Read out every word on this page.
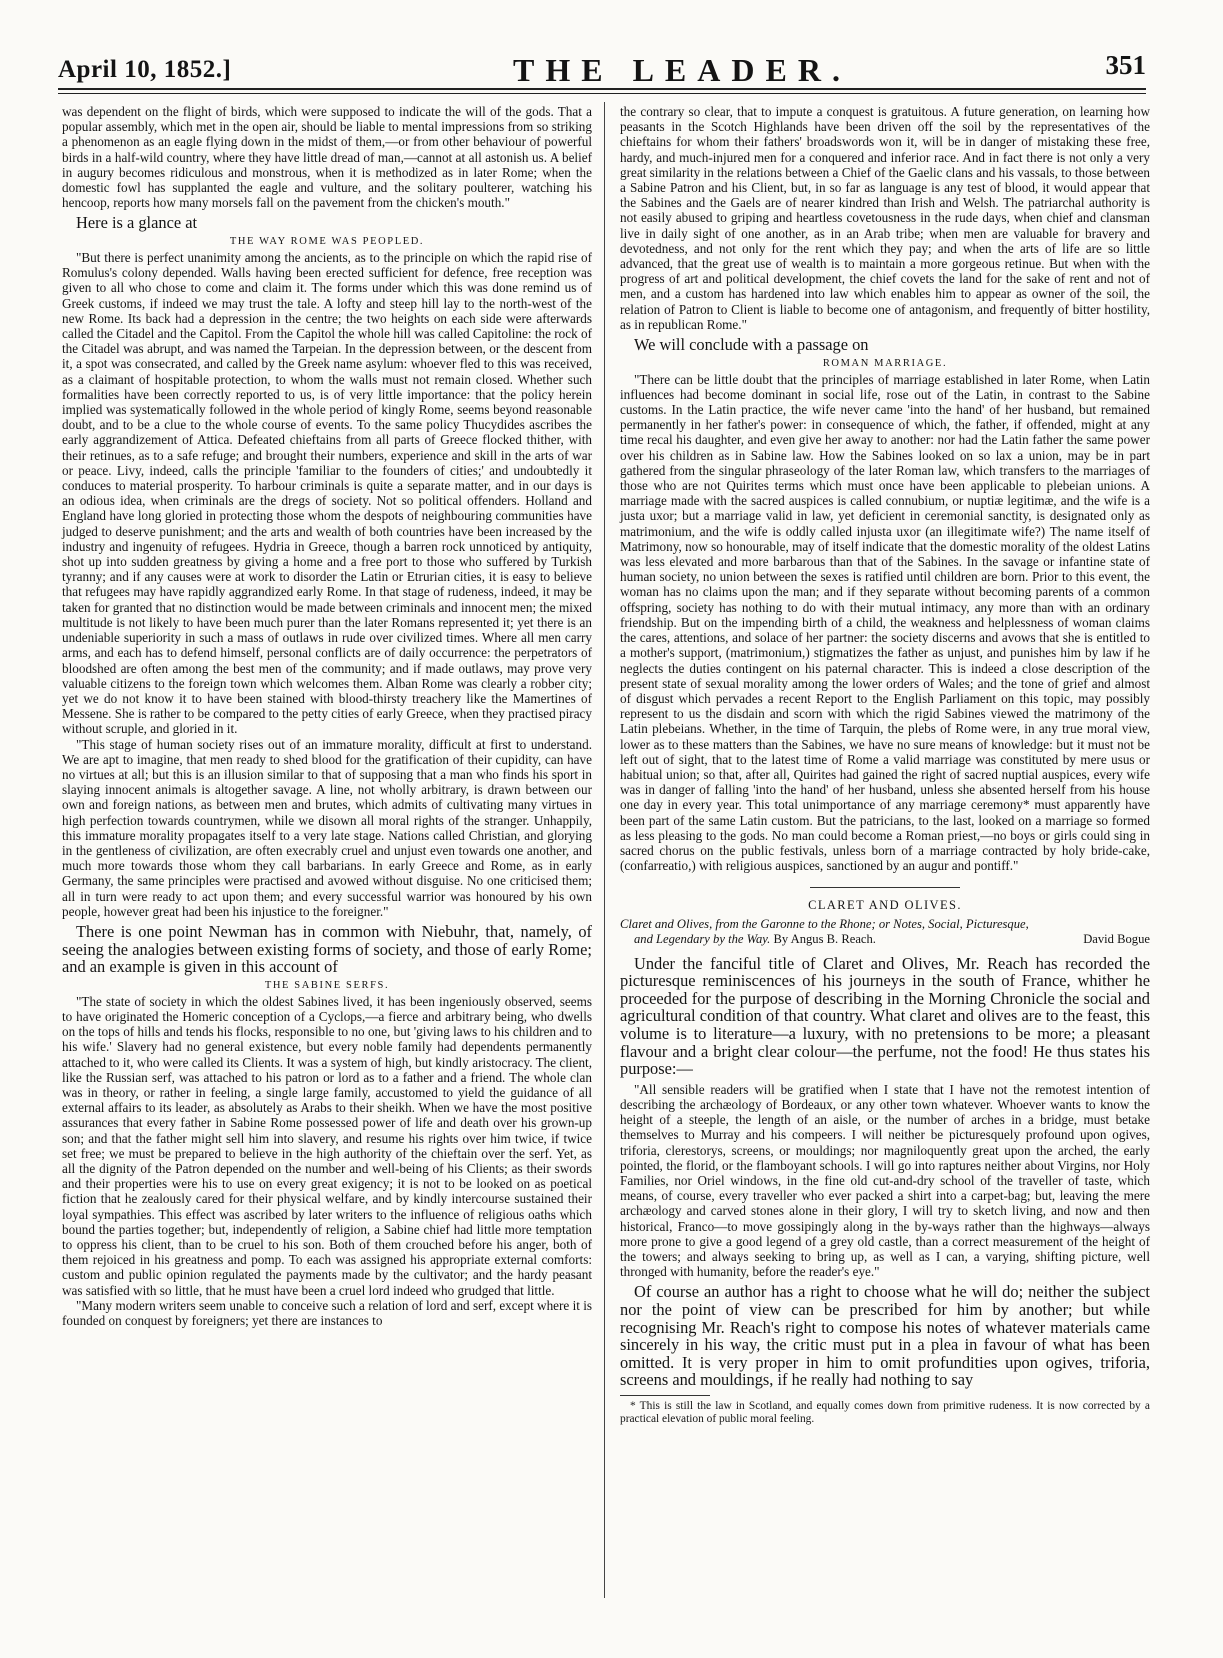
April 10, 1852.]	THE LEADER.	351

was dependent on the flight of birds, which were supposed to indicate the will of the gods. That a popular assembly, which met in the open air, should be liable to mental impressions from so striking a phenomenon as an eagle flying down in the midst of them,—or from other behaviour of powerful birds in a half-wild country, where they have little dread of man,—cannot at all astonish us. A belief in augury becomes ridiculous and monstrous, when it is methodized as in later Rome; when the domestic fowl has supplanted the eagle and vulture, and the solitary poulterer, watching his hencoop, reports how many morsels fall on the pavement from the chicken's mouth."

Here is a glance at

THE WAY ROME WAS PEOPLED.

"But there is perfect unanimity among the ancients, as to the principle on which the rapid rise of Romulus's colony depended. Walls having been erected sufficient for defence, free reception was given to all who chose to come and claim it. The forms under which this was done remind us of Greek customs, if indeed we may trust the tale. A lofty and steep hill lay to the north-west of the new Rome. Its back had a depression in the centre; the two heights on each side were afterwards called the Citadel and the Capitol. From the Capitol the whole hill was called Capitoline: the rock of the Citadel was abrupt, and was named the Tarpeian. In the depression between, or the descent from it, a spot was consecrated, and called by the Greek name asylum: whoever fled to this was received, as a claimant of hospitable protection, to whom the walls must not remain closed. Whether such formalities have been correctly reported to us, is of very little importance: that the policy herein implied was systematically followed in the whole period of kingly Rome, seems beyond reasonable doubt, and to be a clue to the whole course of events. To the same policy Thucydides ascribes the early aggrandizement of Attica. Defeated chieftains from all parts of Greece flocked thither, with their retinues, as to a safe refuge; and brought their numbers, experience and skill in the arts of war or peace. Livy, indeed, calls the principle 'familiar to the founders of cities;' and undoubtedly it conduces to material prosperity. To harbour criminals is quite a separate matter, and in our days is an odious idea, when criminals are the dregs of society. Not so political offenders. Holland and England have long gloried in protecting those whom the despots of neighbouring communities have judged to deserve punishment; and the arts and wealth of both countries have been increased by the industry and ingenuity of refugees. Hydria in Greece, though a barren rock unnoticed by antiquity, shot up into sudden greatness by giving a home and a free port to those who suffered by Turkish tyranny; and if any causes were at work to disorder the Latin or Etrurian cities, it is easy to believe that refugees may have rapidly aggrandized early Rome. In that stage of rudeness, indeed, it may be taken for granted that no distinction would be made between criminals and innocent men; the mixed multitude is not likely to have been much purer than the later Romans represented it; yet there is an undeniable superiority in such a mass of outlaws in rude over civilized times. Where all men carry arms, and each has to defend himself, personal conflicts are of daily occurrence: the perpetrators of bloodshed are often among the best men of the community; and if made outlaws, may prove very valuable citizens to the foreign town which welcomes them. Alban Rome was clearly a robber city; yet we do not know it to have been stained with blood-thirsty treachery like the Mamertines of Messene. She is rather to be compared to the petty cities of early Greece, when they practised piracy without scruple, and gloried in it.

"This stage of human society rises out of an immature morality, difficult at first to understand. We are apt to imagine, that men ready to shed blood for the gratification of their cupidity, can have no virtues at all; but this is an illusion similar to that of supposing that a man who finds his sport in slaying innocent animals is altogether savage. A line, not wholly arbitrary, is drawn between our own and foreign nations, as between men and brutes, which admits of cultivating many virtues in high perfection towards countrymen, while we disown all moral rights of the stranger. Unhappily, this immature morality propagates itself to a very late stage. Nations called Christian, and glorying in the gentleness of civilization, are often execrably cruel and unjust even towards one another, and much more towards those whom they call barbarians. In early Greece and Rome, as in early Germany, the same principles were practised and avowed without disguise. No one criticised them; all in turn were ready to act upon them; and every successful warrior was honoured by his own people, however great had been his injustice to the foreigner."

There is one point Newman has in common with Niebuhr, that, namely, of seeing the analogies between existing forms of society, and those of early Rome; and an example is given in this account of

THE SABINE SERFS.

"The state of society in which the oldest Sabines lived, it has been ingeniously observed, seems to have originated the Homeric conception of a Cyclops,—a fierce and arbitrary being, who dwells on the tops of hills and tends his flocks, responsible to no one, but 'giving laws to his children and to his wife.' Slavery had no general existence, but every noble family had dependents permanently attached to it, who were called its Clients. It was a system of high, but kindly aristocracy. The client, like the Russian serf, was attached to his patron or lord as to a father and a friend. The whole clan was in theory, or rather in feeling, a single large family, accustomed to yield the guidance of all external affairs to its leader, as absolutely as Arabs to their sheikh. When we have the most positive assurances that every father in Sabine Rome possessed power of life and death over his grown-up son; and that the father might sell him into slavery, and resume his rights over him twice, if twice set free; we must be prepared to believe in the high authority of the chieftain over the serf. Yet, as all the dignity of the Patron depended on the number and well-being of his Clients; as their swords and their properties were his to use on every great exigency; it is not to be looked on as poetical fiction that he zealously cared for their physical welfare, and by kindly intercourse sustained their loyal sympathies. This effect was ascribed by later writers to the influence of religious oaths which bound the parties together; but, independently of religion, a Sabine chief had little more temptation to oppress his client, than to be cruel to his son. Both of them crouched before his anger, both of them rejoiced in his greatness and pomp. To each was assigned his appropriate external comforts: custom and public opinion regulated the payments made by the cultivator; and the hardy peasant was satisfied with so little, that he must have been a cruel lord indeed who grudged that little.

"Many modern writers seem unable to conceive such a relation of lord and serf, except where it is founded on conquest by foreigners; yet there are instances to

the contrary so clear, that to impute a conquest is gratuitous. A future generation, on learning how peasants in the Scotch Highlands have been driven off the soil by the representatives of the chieftains for whom their fathers' broadswords won it, will be in danger of mistaking these free, hardy, and much-injured men for a conquered and inferior race. And in fact there is not only a very great similarity in the relations between a Chief of the Gaelic clans and his vassals, to those between a Sabine Patron and his Client, but, in so far as language is any test of blood, it would appear that the Sabines and the Gaels are of nearer kindred than Irish and Welsh. The patriarchal authority is not easily abused to griping and heartless covetousness in the rude days, when chief and clansman live in daily sight of one another, as in an Arab tribe; when men are valuable for bravery and devotedness, and not only for the rent which they pay; and when the arts of life are so little advanced, that the great use of wealth is to maintain a more gorgeous retinue. But when with the progress of art and political development, the chief covets the land for the sake of rent and not of men, and a custom has hardened into law which enables him to appear as owner of the soil, the relation of Patron to Client is liable to become one of antagonism, and frequently of bitter hostility, as in republican Rome."

We will conclude with a passage on

ROMAN MARRIAGE.

"There can be little doubt that the principles of marriage established in later Rome, when Latin influences had become dominant in social life, rose out of the Latin, in contrast to the Sabine customs. In the Latin practice, the wife never came 'into the hand' of her husband, but remained permanently in her father's power: in consequence of which, the father, if offended, might at any time recal his daughter, and even give her away to another: nor had the Latin father the same power over his children as in Sabine law. How the Sabines looked on so lax a union, may be in part gathered from the singular phraseology of the later Roman law, which transfers to the marriages of those who are not Quirites terms which must once have been applicable to plebeian unions. A marriage made with the sacred auspices is called connubium, or nuptiæ legitimæ, and the wife is a justa uxor; but a marriage valid in law, yet deficient in ceremonial sanctity, is designated only as matrimonium, and the wife is oddly called injusta uxor (an illegitimate wife?) The name itself of Matrimony, now so honourable, may of itself indicate that the domestic morality of the oldest Latins was less elevated and more barbarous than that of the Sabines. In the savage or infantine state of human society, no union between the sexes is ratified until children are born. Prior to this event, the woman has no claims upon the man; and if they separate without becoming parents of a common offspring, society has nothing to do with their mutual intimacy, any more than with an ordinary friendship. But on the impending birth of a child, the weakness and helplessness of woman claims the cares, attentions, and solace of her partner: the society discerns and avows that she is entitled to a mother's support, (matrimonium,) stigmatizes the father as unjust, and punishes him by law if he neglects the duties contingent on his paternal character. This is indeed a close description of the present state of sexual morality among the lower orders of Wales; and the tone of grief and almost of disgust which pervades a recent Report to the English Parliament on this topic, may possibly represent to us the disdain and scorn with which the rigid Sabines viewed the matrimony of the Latin plebeians. Whether, in the time of Tarquin, the plebs of Rome were, in any true moral view, lower as to these matters than the Sabines, we have no sure means of knowledge: but it must not be left out of sight, that to the latest time of Rome a valid marriage was constituted by mere usus or habitual union; so that, after all, Quirites had gained the right of sacred nuptial auspices, every wife was in danger of falling 'into the hand' of her husband, unless she absented herself from his house one day in every year. This total unimportance of any marriage ceremony* must apparently have been part of the same Latin custom. But the patricians, to the last, looked on a marriage so formed as less pleasing to the gods. No man could become a Roman priest,—no boys or girls could sing in sacred chorus on the public festivals, unless born of a marriage contracted by holy bride-cake, (confarreatio,) with religious auspices, sanctioned by an augur and pontiff."

CLARET AND OLIVES.
Claret and Olives, from the Garonne to the Rhone; or Notes, Social, Picturesque,
and Legendary by the Way. By Angus B. Reach.	David Bogue

Under the fanciful title of Claret and Olives, Mr. Reach has recorded the picturesque reminiscences of his journeys in the south of France, whither he proceeded for the purpose of describing in the Morning Chronicle the social and agricultural condition of that country. What claret and olives are to the feast, this volume is to literature—a luxury, with no pretensions to be more; a pleasant flavour and a bright clear colour—the perfume, not the food! He thus states his purpose:—

"All sensible readers will be gratified when I state that I have not the remotest intention of describing the archæology of Bordeaux, or any other town whatever. Whoever wants to know the height of a steeple, the length of an aisle, or the number of arches in a bridge, must betake themselves to Murray and his compeers. I will neither be picturesquely profound upon ogives, triforia, clerestorys, screens, or mouldings; nor magniloquently great upon the arched, the early pointed, the florid, or the flamboyant schools. I will go into raptures neither about Virgins, nor Holy Families, nor Oriel windows, in the fine old cut-and-dry school of the traveller of taste, which means, of course, every traveller who ever packed a shirt into a carpet-bag; but, leaving the mere archæology and carved stones alone in their glory, I will try to sketch living, and now and then historical, Franco—to move gossipingly along in the by-ways rather than the highways—always more prone to give a good legend of a grey old castle, than a correct measurement of the height of the towers; and always seeking to bring up, as well as I can, a varying, shifting picture, well thronged with humanity, before the reader's eye."

Of course an author has a right to choose what he will do; neither the subject nor the point of view can be prescribed for him by another; but while recognising Mr. Reach's right to compose his notes of whatever materials came sincerely in his way, the critic must put in a plea in favour of what has been omitted. It is very proper in him to omit profundities upon ogives, triforia, screens and mouldings, if he really had nothing to say

* This is still the law in Scotland, and equally comes down from primitive rudeness. It is now corrected by a practical elevation of public moral feeling.
